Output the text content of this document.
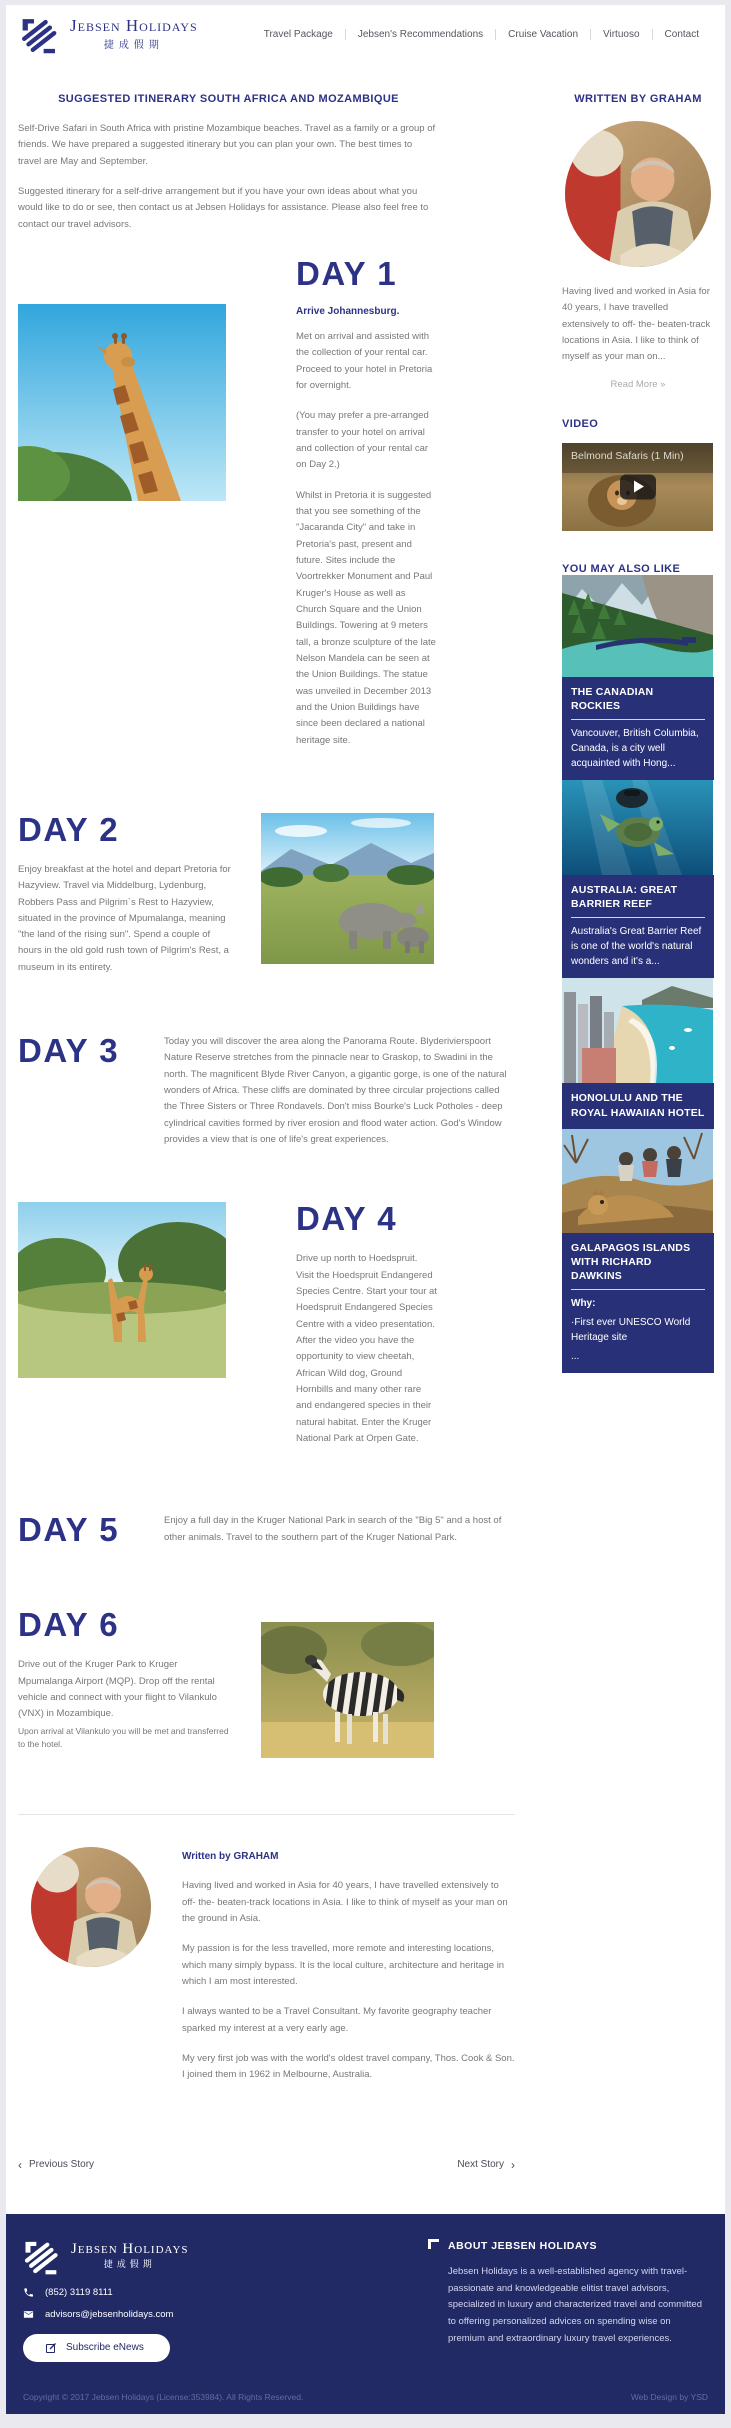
Jebsen Holidays
捷成假期
Travel Package	Jebsen's Recommendations	Cruise Vacation	Virtuoso	Contact
SUGGESTED ITINERARY SOUTH AFRICA AND MOZAMBIQUE

Self-Drive Safari in South Africa with pristine Mozambique beaches. Travel as a family or a group of friends. We have prepared a suggested itinerary but you can plan your own. The best times to travel are May and September.

Suggested itinerary for a self-drive arrangement but if you have your own ideas about what you would like to do or see, then contact us at Jebsen Holidays for assistance. Please also feel free to contact our travel advisors.

DAY 1
Arrive Johannesburg.

Met on arrival and assisted with the collection of your rental car. Proceed to your hotel in Pretoria for overnight.

(You may prefer a pre-arranged transfer to your hotel on arrival and collection of your rental car on Day 2.)

Whilst in Pretoria it is suggested that you see something of the "Jacaranda City" and take in Pretoria's past, present and future. Sites include the Voortrekker Monument and Paul Kruger's House as well as Church Square and the Union Buildings. Towering at 9 meters tall, a bronze sculpture of the late Nelson Mandela can be seen at the Union Buildings. The statue was unveiled in December 2013 and the Union Buildings have since been declared a national heritage site.

DAY 2

Enjoy breakfast at the hotel and depart Pretoria for Hazyview. Travel via Middelburg, Lydenburg, Robbers Pass and Pilgrim`s Rest to Hazyview, situated in the province of Mpumalanga, meaning "the land of the rising sun". Spend a couple of hours in the old gold rush town of Pilgrim's Rest, a museum in its entirety.

DAY 3	Today you will discover the area along the Panorama Route. Blyderivierspoort Nature Reserve stretches from the pinnacle near to Graskop, to Swadini in the north. The magnificent Blyde River Canyon, a gigantic gorge, is one of the natural wonders of Africa. These cliffs are dominated by three circular projections called the Three Sisters or Three Rondavels. Don't miss Bourke's Luck Potholes - deep cylindrical cavities formed by river erosion and flood water action. God's Window provides a view that is one of life's great experiences.

DAY 4

Drive up north to Hoedspruit. Visit the Hoedspruit Endangered Species Centre. Start your tour at Hoedspruit Endangered Species Centre with a video presentation. After the video you have the opportunity to view cheetah, African Wild dog, Ground Hornbills and many other rare and endangered species in their natural habitat. Enter the Kruger National Park at Orpen Gate.

DAY 5	Enjoy a full day in the Kruger National Park in search of the "Big 5" and a host of other animals. Travel to the southern part of the Kruger National Park.

DAY 6

Drive out of the Kruger Park to Kruger Mpumalanga Airport (MQP). Drop off the rental vehicle and connect with your flight to Vilankulo (VNX) in Mozambique.

Upon arrival at Vilankulo you will be met and transferred to the hotel.

Written by GRAHAM

Having lived and worked in Asia for 40 years, I have travelled extensively to off- the- beaten-track locations in Asia. I like to think of myself as your man on the ground in Asia.

My passion is for the less travelled, more remote and interesting locations, which many simply bypass. It is the local culture, architecture and heritage in which I am most interested.

I always wanted to be a Travel Consultant. My favorite geography teacher sparked my interest at a very early age.

My very first job was with the world's oldest travel company, Thos. Cook & Son. I joined them in 1962 in Melbourne, Australia.

‹ Previous Story	Next Story ›
WRITTEN BY GRAHAM

Having lived and worked in Asia for 40 years, I have travelled extensively to off- the- beaten-track locations in Asia. I like to think of myself as your man on...

Read More »
VIDEO
Belmond Safaris (1 Min)
YOU MAY ALSO LIKE
THE CANADIAN ROCKIES
Vancouver, British Columbia, Canada, is a city well acquainted with Hong...
AUSTRALIA: GREAT BARRIER REEF
Australia's Great Barrier Reef is one of the world's natural wonders and it's a...
HONOLULU AND THE ROYAL HAWAIIAN HOTEL
GALAPAGOS ISLANDS WITH RICHARD DAWKINS
Why:
·First ever UNESCO World Heritage site
...
Jebsen Holidays
捷成假期
(852) 3119 8111
advisors@jebsenholidays.com
Subscribe eNews
ABOUT JEBSEN HOLIDAYS

Jebsen Holidays is a well-established agency with travel-passionate and knowledgeable elitist travel advisors, specialized in luxury and characterized travel and committed to offering personalized advices on spending wise on premium and extraordinary luxury travel experiences.

Copyright © 2017 Jebsen Holidays (License:353984). All Rights Reserved.	Web Design by YSD
